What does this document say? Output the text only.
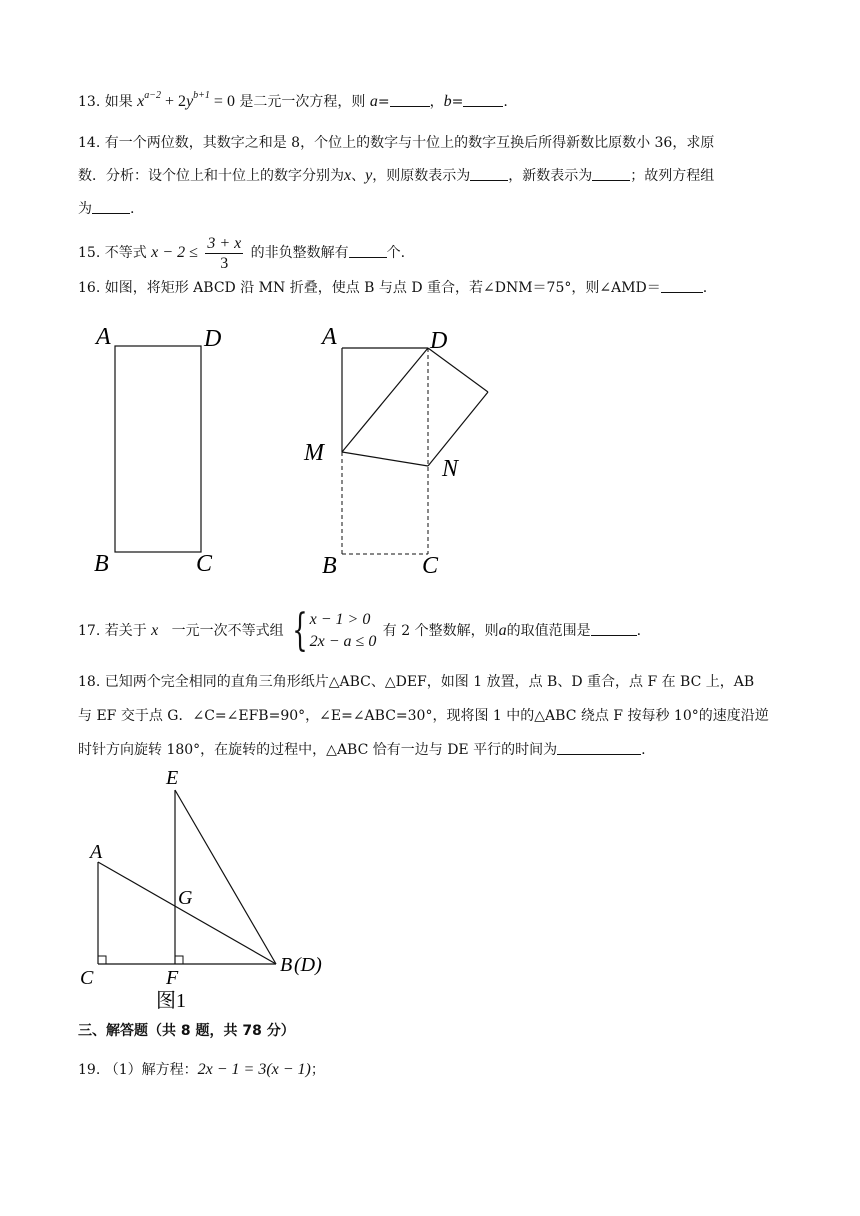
13. 如果 $x^{a-2} + 2y^{b+1} = 0$ 是二元一次方程，则 a=	，b=	.
14. 有一个两位数，其数字之和是 8，个位上的数字与十位上的数字互换后所得新数比原数小 36，求原
数．分析：设个位上和十位上的数字分别为x、y，则原数表示为	，新数表示为	；故列方程组
为	.
15. 不等式 $x - 2 \le \frac{3 + x}{3}$ 的非负整数解有	个.
16. 如图，将矩形 ABCD 沿 MN 折叠，使点 B 与点 D 重合，若∠DNM＝75°，则∠AMD＝	.
A	D
B	C
A	D
M
N
B	C
17. 若关于 x 一元一次不等式组 { x − 1 > 0
2x − a ≤ 0
有 2 个整数解，则a的取值范围是	.
18. 已知两个完全相同的直角三角形纸片△ABC、△DEF，如图 1 放置，点 B、D 重合，点 F 在 BC 上，AB
与 EF 交于点 G．∠C=∠EFB=90°，∠E=∠ABC=30°，现将图 1 中的△ABC 绕点 F 按每秒 10°的速度沿逆
时针方向旋转 180°，在旋转的过程中，△ABC 恰有一边与 DE 平行的时间为	.
E
A
G
C	F
B (D)
图1
三、解答题（共 8 题，共 78 分）
19. （1）解方程：2x − 1 = 3(x − 1)；
